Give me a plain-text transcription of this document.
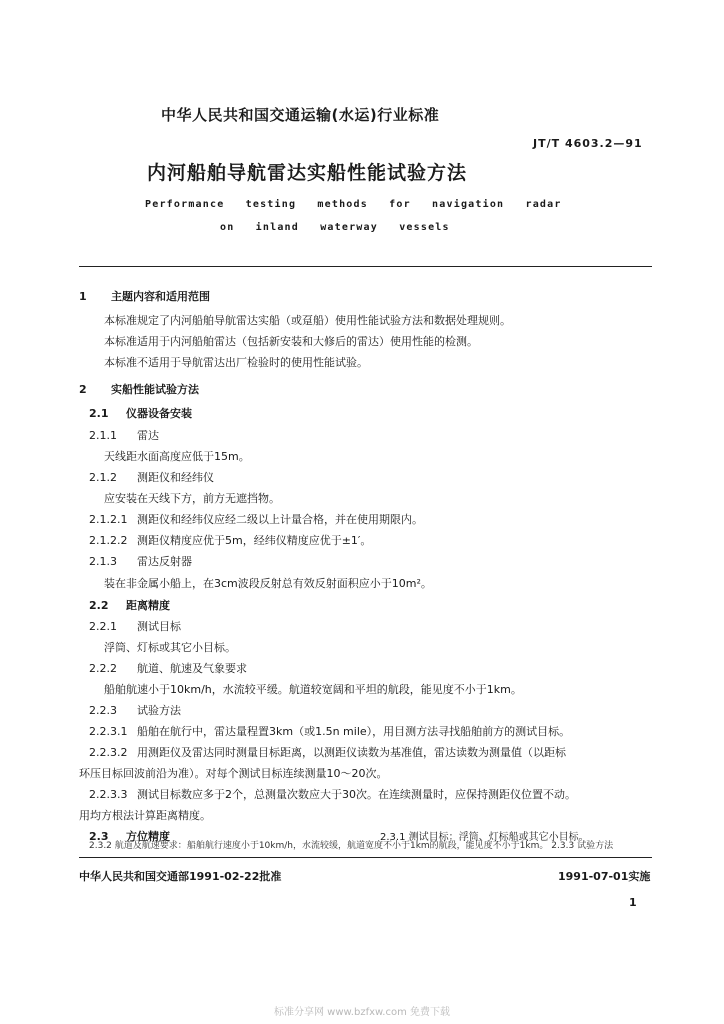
中华人民共和国交通运输(水运)行业标准
JT/T 4603.2—91
内河船舶导航雷达实船性能试验方法
Performance testing methods for navigation radar
on inland waterway vessels
1 主题内容和适用范围
本标准规定了内河船舶导航雷达实船（或趸船）使用性能试验方法和数据处理规则。
本标准适用于内河船舶雷达（包括新安装和大修后的雷达）使用性能的检测。
本标准不适用于导航雷达出厂检验时的使用性能试验。
2 实船性能试验方法
2.1 仪器设备安装
2.1.1 雷达
天线距水面高度应低于15m。
2.1.2 测距仪和经纬仪
应安装在天线下方，前方无遮挡物。
2.1.2.1 测距仪和经纬仪应经二级以上计量合格，并在使用期限内。
2.1.2.2 测距仪精度应优于5m，经纬仪精度应优于±1′。
2.1.3 雷达反射器
装在非金属小船上，在3cm波段反射总有效反射面积应小于10m²。
2.2 距离精度
2.2.1 测试目标
浮筒、灯标或其它小目标。
2.2.2 航道、航速及气象要求
船舶航速小于10km/h，水流较平缓。航道较宽阔和平坦的航段，能见度不小于1km。
2.2.3 试验方法
2.2.3.1 船舶在航行中，雷达量程置3km（或1.5n mile），用目测方法寻找船舶前方的测试目标。
2.2.3.2 用测距仪及雷达同时测量目标距离，以测距仪读数为基准值，雷达读数为测量值（以距标
环压目标回波前沿为准）。对每个测试目标连续测量10～20次。
2.2.3.3 测试目标数应多于2个，总测量次数应大于30次。在连续测量时，应保持测距仪位置不动。
用均方根法计算距离精度。
2.3 方位精度
中华人民共和国交通部1991-02-22批准	1991-07-01实施
1
标准分享网 www.bzfxw.com 免费下载
2.3.1 测试目标：浮筒、灯标船或其它小目标。
2.3.2 航道及航速要求：船舶航行速度小于10km/h，水流较缓，航道宽度不小于1km的航段，能见度不小于1km。 2.3.3 试验方法
